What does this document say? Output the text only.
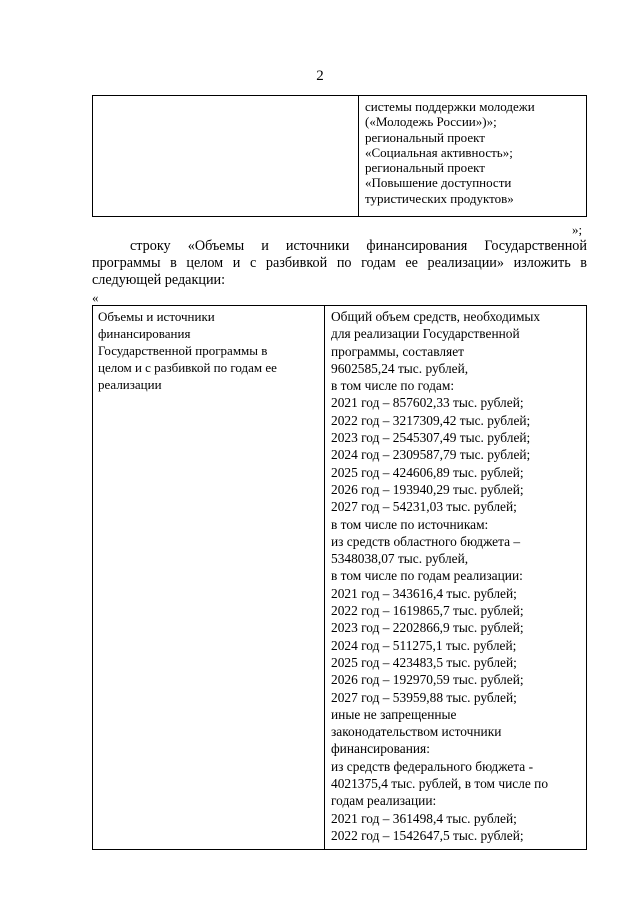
2
системы поддержки молодежи
(«Молодежь России»)»;
региональный проект
«Социальная активность»;
региональный проект
«Повышение доступности
туристических продуктов»
»;
строку «Объемы и источники финансирования Государственной
программы в целом и с разбивкой по годам ее реализации» изложить в
следующей редакции:
«
Объемы и источники
финансирования
Государственной программы в
целом и с разбивкой по годам ее
реализации
Общий объем средств, необходимых
для реализации Государственной
программы, составляет
9602585,24 тыс. рублей,
в том числе по годам:
2021 год – 857602,33 тыс. рублей;
2022 год – 3217309,42 тыс. рублей;
2023 год – 2545307,49 тыс. рублей;
2024 год – 2309587,79 тыс. рублей;
2025 год – 424606,89 тыс. рублей;
2026 год – 193940,29 тыс. рублей;
2027 год – 54231,03 тыс. рублей;
в том числе по источникам:
из средств областного бюджета –
5348038,07 тыс. рублей,
в том числе по годам реализации:
2021 год – 343616,4 тыс. рублей;
2022 год – 1619865,7 тыс. рублей;
2023 год – 2202866,9 тыс. рублей;
2024 год – 511275,1 тыс. рублей;
2025 год – 423483,5 тыс. рублей;
2026 год – 192970,59 тыс. рублей;
2027 год – 53959,88 тыс. рублей;
иные не запрещенные
законодательством источники
финансирования:
из средств федерального бюджета -
4021375,4 тыс. рублей, в том числе по
годам реализации:
2021 год – 361498,4 тыс. рублей;
2022 год – 1542647,5 тыс. рублей;
